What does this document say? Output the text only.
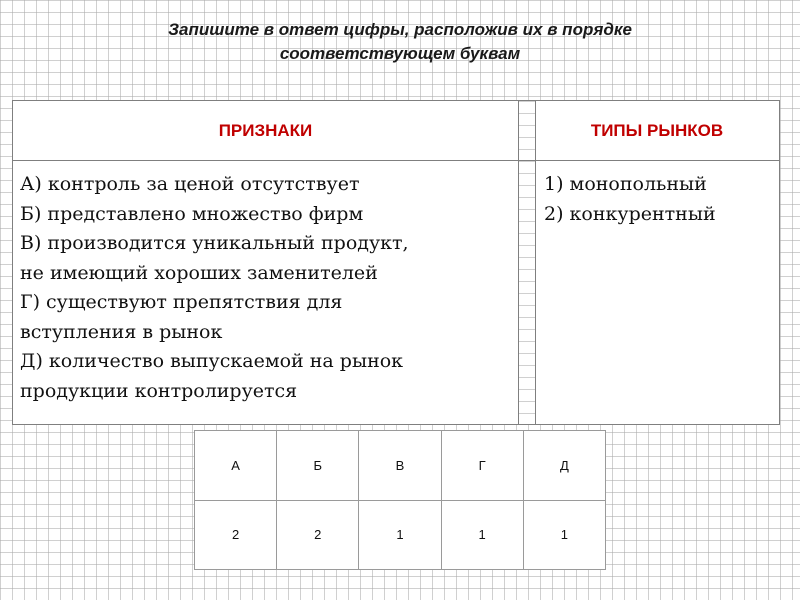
Запишите в ответ цифры, расположив их в порядке
соответствующем буквам
ПРИЗНАКИ	ТИПЫ РЫНКОВ
А) контроль за ценой отсутствует
Б) представлено множество фирм
В) производится уникальный продукт,
не имеющий хороших заменителей
Г) существуют препятствия для
вступления в рынок
Д) количество выпускаемой на рынок
продукции контролируется
1) монопольный
2) конкурентный
А	Б	В	Г	Д
2	2	1	1	1
